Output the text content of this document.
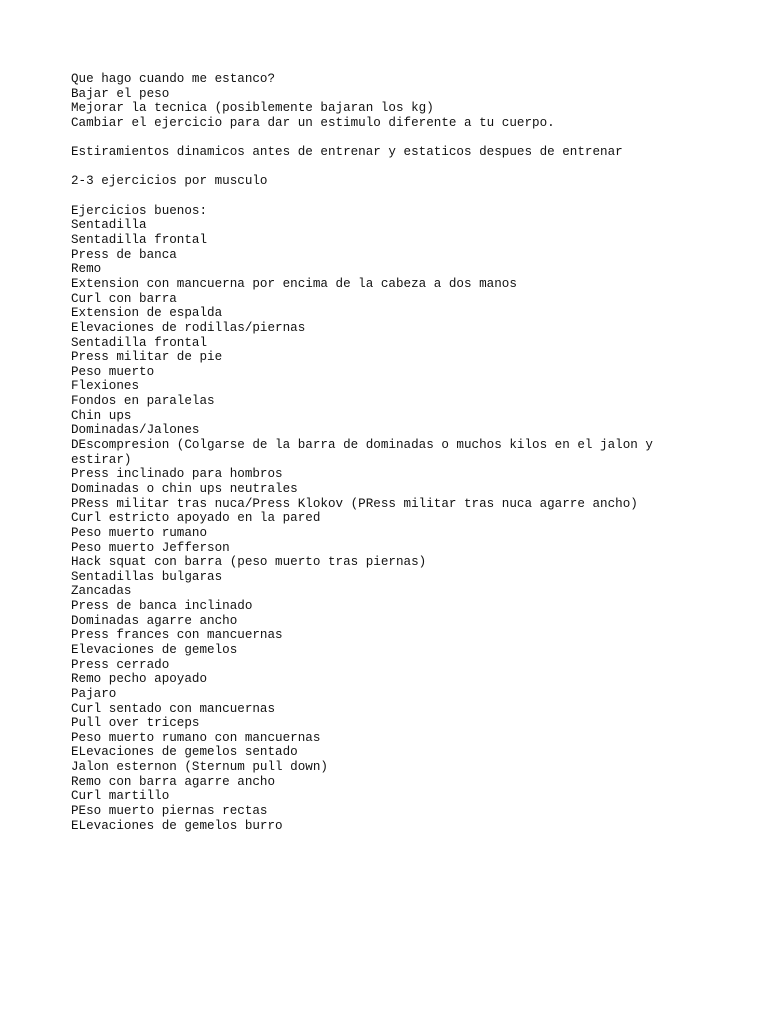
Que hago cuando me estanco?
Bajar el peso
Mejorar la tecnica (posiblemente bajaran los kg)
Cambiar el ejercicio para dar un estimulo diferente a tu cuerpo.
Estiramientos dinamicos antes de entrenar y estaticos despues de entrenar
2-3 ejercicios por musculo
Ejercicios buenos:
Sentadilla
Sentadilla frontal
Press de banca
Remo
Extension con mancuerna por encima de la cabeza a dos manos
Curl con barra
Extension de espalda
Elevaciones de rodillas/piernas
Sentadilla frontal
Press militar de pie
Peso muerto
Flexiones
Fondos en paralelas
Chin ups
Dominadas/Jalones
DEscompresion (Colgarse de la barra de dominadas o muchos kilos en el jalon y
estirar)
Press inclinado para hombros
Dominadas o chin ups neutrales
PRess militar tras nuca/Press Klokov (PRess militar tras nuca agarre ancho)
Curl estricto apoyado en la pared
Peso muerto rumano
Peso muerto Jefferson
Hack squat con barra (peso muerto tras piernas)
Sentadillas bulgaras
Zancadas
Press de banca inclinado
Dominadas agarre ancho
Press frances con mancuernas
Elevaciones de gemelos
Press cerrado
Remo pecho apoyado
Pajaro
Curl sentado con mancuernas
Pull over triceps
Peso muerto rumano con mancuernas
ELevaciones de gemelos sentado
Jalon esternon (Sternum pull down)
Remo con barra agarre ancho
Curl martillo
PEso muerto piernas rectas
ELevaciones de gemelos burro
